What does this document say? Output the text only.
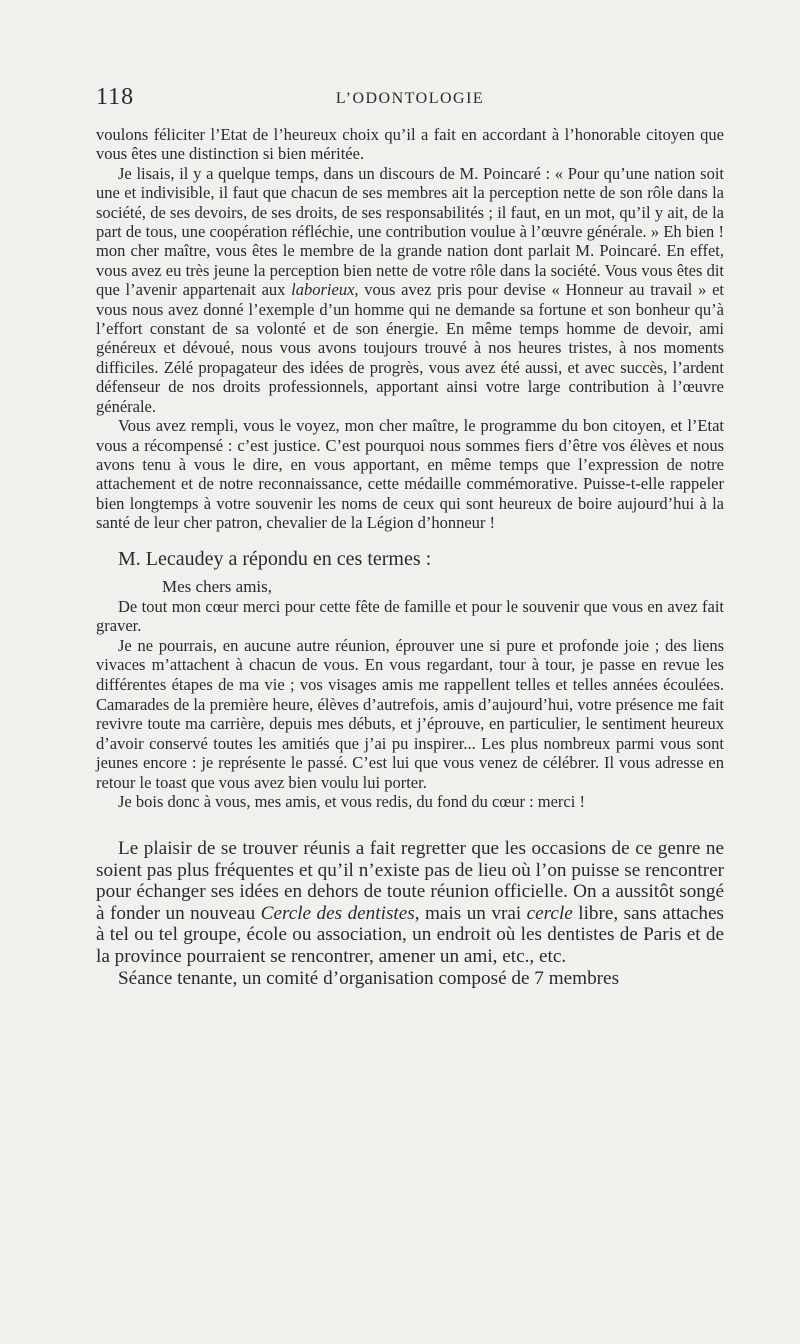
118	L’ODONTOLOGIE

voulons féliciter l’Etat de l’heureux choix qu’il a fait en accordant à l’honorable citoyen que vous êtes une distinction si bien méritée.

Je lisais, il y a quelque temps, dans un discours de M. Poincaré : « Pour qu’une nation soit une et indivisible, il faut que chacun de ses membres ait la perception nette de son rôle dans la société, de ses devoirs, de ses droits, de ses responsabilités ; il faut, en un mot, qu’il y ait, de la part de tous, une coopération réfléchie, une contribution voulue à l’œuvre générale. » Eh bien ! mon cher maître, vous êtes le membre de la grande nation dont parlait M. Poincaré. En effet, vous avez eu très jeune la perception bien nette de votre rôle dans la société. Vous vous êtes dit que l’avenir appartenait aux laborieux, vous avez pris pour devise « Honneur au travail » et vous nous avez donné l’exemple d’un homme qui ne demande sa fortune et son bonheur qu’à l’effort constant de sa volonté et de son énergie. En même temps homme de devoir, ami généreux et dévoué, nous vous avons toujours trouvé à nos heures tristes, à nos moments difficiles. Zélé propagateur des idées de progrès, vous avez été aussi, et avec succès, l’ardent défenseur de nos droits professionnels, apportant ainsi votre large contribution à l’œuvre générale.

Vous avez rempli, vous le voyez, mon cher maître, le programme du bon citoyen, et l’Etat vous a récompensé : c’est justice. C’est pourquoi nous sommes fiers d’être vos élèves et nous avons tenu à vous le dire, en vous apportant, en même temps que l’expression de notre attachement et de notre reconnaissance, cette médaille commémorative. Puisse-t-elle rappeler bien longtemps à votre souvenir les noms de ceux qui sont heureux de boire aujourd’hui à la santé de leur cher patron, chevalier de la Légion d’honneur !

M. Lecaudey a répondu en ces termes :

Mes chers amis,

De tout mon cœur merci pour cette fête de famille et pour le souvenir que vous en avez fait graver.

Je ne pourrais, en aucune autre réunion, éprouver une si pure et profonde joie ; des liens vivaces m’attachent à chacun de vous. En vous regardant, tour à tour, je passe en revue les différentes étapes de ma vie ; vos visages amis me rappellent telles et telles années écoulées. Camarades de la première heure, élèves d’autrefois, amis d’aujourd’hui, votre présence me fait revivre toute ma carrière, depuis mes débuts, et j’éprouve, en particulier, le sentiment heureux d’avoir conservé toutes les amitiés que j’ai pu inspirer... Les plus nombreux parmi vous sont jeunes encore : je représente le passé. C’est lui que vous venez de célébrer. Il vous adresse en retour le toast que vous avez bien voulu lui porter.

Je bois donc à vous, mes amis, et vous redis, du fond du cœur : merci !

Le plaisir de se trouver réunis a fait regretter que les occasions de ce genre ne soient pas plus fréquentes et qu’il n’existe pas de lieu où l’on puisse se rencontrer pour échanger ses idées en dehors de toute réunion officielle. On a aussitôt songé à fonder un nouveau Cercle des dentistes, mais un vrai cercle libre, sans attaches à tel ou tel groupe, école ou association, un endroit où les dentistes de Paris et de la province pourraient se rencontrer, amener un ami, etc., etc.

Séance tenante, un comité d’organisation composé de 7 membres
